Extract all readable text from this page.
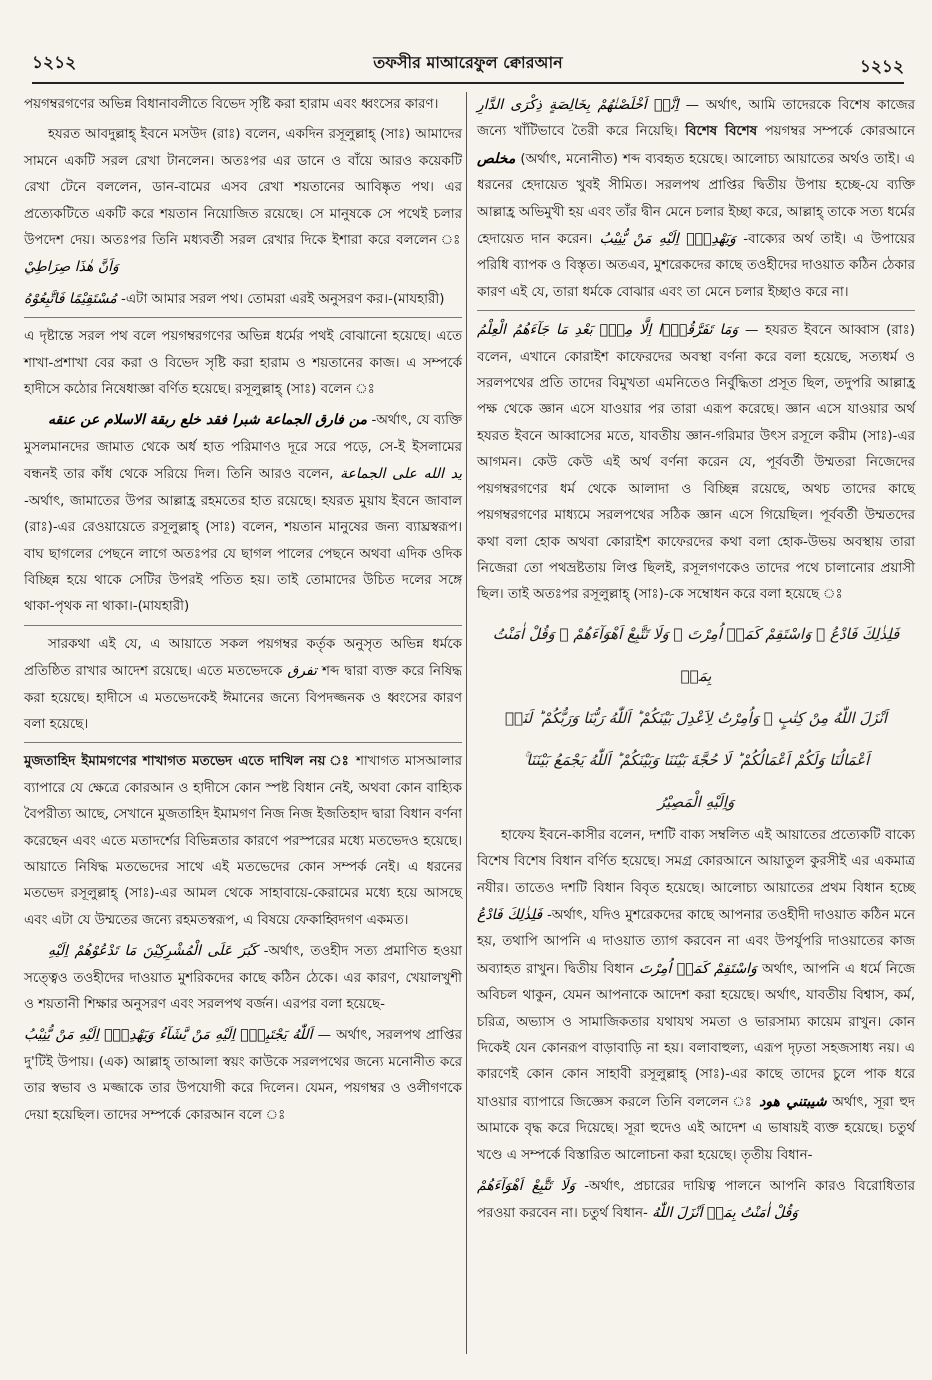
১২১২	তফসীর মাআরেফুল ক্বোরআন	১২১২

পয়গম্বরগণের অভিন্ন বিধানাবলীতে বিভেদ সৃষ্টি করা হারাম এবং ধ্বংসের কারণ।

হযরত আবদুল্লাহ্ ইবনে মসউদ (রাঃ) বলেন, একদিন রসূলুল্লাহ্ (সাঃ) আমাদের সামনে একটি সরল রেখা টানলেন। অতঃপর এর ডানে ও বাঁয়ে আরও কয়েকটি রেখা টেনে বললেন, ডান-বামের এসব রেখা শয়তানের আবিষ্কৃত পথ। এর প্রত্যেকটিতে একটি করে শয়তান নিয়োজিত রয়েছে। সে মানুষকে সে পথেই চলার উপদেশ দেয়। অতঃপর তিনি মধ্যবর্তী সরল রেখার দিকে ইশারা করে বললেন ঃ وَاَنَّ هٰذَا صِرَاطِيْ

مُسْتَقِيْمًا فَاتَّبِعُوْهُ -এটা আমার সরল পথ। তোমরা এরই অনুসরণ কর।-(মাযহারী)

এ দৃষ্টান্তে সরল পথ বলে পয়গম্বরগণের অভিন্ন ধর্মের পথই বোঝানো হয়েছে। এতে শাখা-প্রশাখা বের করা ও বিভেদ সৃষ্টি করা হারাম ও শয়তানের কাজ। এ সম্পর্কে হাদীসে কঠোর নিষেধাজ্ঞা বর্ণিত হয়েছে। রসূলুল্লাহ্ (সাঃ) বলেন ঃ

من فارق الجماعة شبرا فقد خلع ربقة الاسلام عن عنقه -অর্থাৎ, যে ব্যক্তি মুসলমানদের জামাত থেকে অর্ধ হাত পরিমাণও দূরে সরে পড়ে, সে-ই ইসলামের বন্ধনই তার কাঁধ থেকে সরিয়ে দিল। তিনি আরও বলেন, يد الله على الجماعة -অর্থাৎ, জামাতের উপর আল্লাহ্র রহমতের হাত রয়েছে। হযরত মুয়ায ইবনে জাবাল (রাঃ)-এর রেওয়ায়েতে রসূলুল্লাহ্ (সাঃ) বলেন, শয়তান মানুষের জন্য ব্যাঘ্রস্বরূপ। বাঘ ছাগলের পেছনে লাগে অতঃপর যে ছাগল পালের পেছনে অথবা এদিক ওদিক বিচ্ছিন্ন হয়ে থাকে সেটির উপরই পতিত হয়। তাই তোমাদের উচিত দলের সঙ্গে থাকা-পৃথক না থাকা।-(মাযহারী)

সারকথা এই যে, এ আয়াতে সকল পয়গম্বর কর্তৃক অনুসৃত অভিন্ন ধর্মকে প্রতিষ্ঠিত রাখার আদেশ রয়েছে। এতে মতভেদকে تفرق শব্দ দ্বারা ব্যক্ত করে নিষিদ্ধ করা হয়েছে। হাদীসে এ মতভেদকেই ঈমানের জন্যে বিপদজ্জনক ও ধ্বংসের কারণ বলা হয়েছে।

মুজতাহিদ ইমামগণের শাখাগত মতভেদ এতে দাখিল নয় ঃ শাখাগত মাসআলার ব্যাপারে যে ক্ষেত্রে কোরআন ও হাদীসে কোন স্পষ্ট বিধান নেই, অথবা কোন বাহ্যিক বৈপরীত্য আছে, সেখানে মুজতাহিদ ইমামগণ নিজ নিজ ইজতিহাদ দ্বারা বিধান বর্ণনা করেছেন এবং এতে মতাদর্শের বিভিন্নতার কারণে পরস্পরের মধ্যে মতভেদও হয়েছে। আয়াতে নিষিদ্ধ মতভেদের সাথে এই মতভেদের কোন সম্পর্ক নেই। এ ধরনের মতভেদ রসূলুল্লাহ্ (সাঃ)-এর আমল থেকে সাহাবায়ে-কেরামের মধ্যে হয়ে আসছে এবং এটা যে উম্মতের জন্যে রহমতস্বরূপ, এ বিষয়ে ফেকাহ্বিদগণ একমত।

كَبُرَ عَلَى الْمُشْرِكِيْنَ مَا تَدْعُوْهُمْ اِلَيْهِ -অর্থাৎ, তওহীদ সত্য প্রমাণিত হওয়া সত্ত্বেও তওহীদের দাওয়াত মুশরিকদের কাছে কঠিন ঠেকে। এর কারণ, খেয়ালখুশী ও শয়তানী শিক্ষার অনুসরণ এবং সরলপথ বর্জন। এরপর বলা হয়েছে-

اَللّٰهُ يَجْتَبِيْۤ اِلَيْهِ مَنْ يَّشَآءُ وَيَهْدِيْۤ اِلَيْهِ مَنْ يُّنِيْبُ — অর্থাৎ, সরলপথ প্রাপ্তির দু'টিই উপায়। (এক) আল্লাহ্ তাআলা স্বয়ং কাউকে সরলপথের জন্যে মনোনীত করে তার স্বভাব ও মজ্জাকে তার উপযোগী করে দিলেন। যেমন, পয়গম্বর ও ওলীগণকে দেয়া হয়েছিল। তাদের সম্পর্কে কোরআন বলে ঃ

اِنَّاۤ اَخْلَصْنٰهُمْ بِخَالِصَةٍ ذِكْرَى الدَّارِ — অর্থাৎ, আমি তাদেরকে বিশেষ কাজের জন্যে খাঁটিভাবে তৈরী করে নিয়েছি। বিশেষ বিশেষ পয়গম্বর সম্পর্কে কোরআনে مخلص (অর্থাৎ, মনোনীত) শব্দ ব্যবহৃত হয়েছে। আলোচ্য আয়াতের অর্থও তাই। এ ধরনের হেদায়েত খুবই সীমিত। সরলপথ প্রাপ্তির দ্বিতীয় উপায় হচ্ছে-যে ব্যক্তি আল্লাহ্র অভিমুখী হয় এবং তাঁর দ্বীন মেনে চলার ইচ্ছা করে, আল্লাহ্ তাকে সত্য ধর্মের হেদায়েত দান করেন। وَيَهْدِيْۤ اِلَيْهِ مَنْ يُّنِيْبُ -বাক্যের অর্থ তাই। এ উপায়ের পরিধি ব্যাপক ও বিস্তৃত। অতএব, মুশরেকদের কাছে তওহীদের দাওয়াত কঠিন ঠেকার কারণ এই যে, তারা ধর্মকে বোঝার এবং তা মেনে চলার ইচ্ছাও করে না।

وَمَا تَفَرَّقُوْۤا اِلَّا مِنْۢ بَعْدِ مَا جَآءَهُمُ الْعِلْمُ — হযরত ইবনে আব্বাস (রাঃ) বলেন, এখানে কোরাইশ কাফেরদের অবস্থা বর্ণনা করে বলা হয়েছে, সত্যধর্ম ও সরলপথের প্রতি তাদের বিমুখতা এমনিতেও নির্বুদ্ধিতা প্রসূত ছিল, তদুপরি আল্লাহ্র পক্ষ থেকে জ্ঞান এসে যাওয়ার পর তারা এরূপ করেছে। জ্ঞান এসে যাওয়ার অর্থ হযরত ইবনে আব্বাসের মতে, যাবতীয় জ্ঞান-গরিমার উৎস রসূলে করীম (সাঃ)-এর আগমন। কেউ কেউ এই অর্থ বর্ণনা করেন যে, পূর্ববর্তী উম্মতরা নিজেদের পয়গম্বরগণের ধর্ম থেকে আলাদা ও বিচ্ছিন্ন রয়েছে, অথচ তাদের কাছে পয়গম্বরগণের মাধ্যমে সরলপথের সঠিক জ্ঞান এসে গিয়েছিল। পূর্ববর্তী উম্মতদের কথা বলা হোক অথবা কোরাইশ কাফেরদের কথা বলা হোক-উভয় অবস্থায় তারা নিজেরা তো পথভ্রষ্টতায় লিপ্ত ছিলই, রসূলগণকেও তাদের পথে চালানোর প্রয়াসী ছিল। তাই অতঃপর রসূলুল্লাহ্ (সাঃ)-কে সম্বোধন করে বলা হয়েছে ঃ

فَلِذٰلِكَ فَادْعُ ۚ وَاسْتَقِمْ كَمَاۤ اُمِرْتَ ۚ وَلَا تَتَّبِعْ اَهْوَآءَهُمْ ۚ وَقُلْ اٰمَنْتُ بِمَاۤ
اَنْزَلَ اللّٰهُ مِنْ كِتٰبٍ ۚ وَاُمِرْتُ لِاَعْدِلَ بَيْنَكُمْ ؕ اَللّٰهُ رَبُّنَا وَرَبُّكُمْ ؕ لَنَاۤ
اَعْمَالُنَا وَلَكُمْ اَعْمَالُكُمْ ؕ لَا حُجَّةَ بَيْنَنَا وَبَيْنَكُمْ ؕ اَللّٰهُ يَجْمَعُ بَيْنَنَا ۚ
وَاِلَيْهِ الْمَصِيْرُ

হাফেয ইবনে-কাসীর বলেন, দশটি বাক্য সম্বলিত এই আয়াতের প্রত্যেকটি বাক্যে বিশেষ বিশেষ বিধান বর্ণিত হয়েছে। সমগ্র কোরআনে আয়াতুল কুরসীই এর একমাত্র নযীর। তাতেও দশটি বিধান বিবৃত হয়েছে। আলোচ্য আয়াতের প্রথম বিধান হচ্ছে فَلِذٰلِكَ فَادْعُ -অর্থাৎ, যদিও মুশরেকদের কাছে আপনার তওহীদী দাওয়াত কঠিন মনে হয়, তথাপি আপনি এ দাওয়াত ত্যাগ করবেন না এবং উপর্যুপরি দাওয়াতের কাজ অব্যাহত রাখুন। দ্বিতীয় বিধান وَاسْتَقِمْ كَمَاۤ اُمِرْتَ অর্থাৎ, আপনি এ ধর্মে নিজে অবিচল থাকুন, যেমন আপনাকে আদেশ করা হয়েছে। অর্থাৎ, যাবতীয় বিশ্বাস, কর্ম, চরিত্র, অভ্যাস ও সামাজিকতার যথাযথ সমতা ও ভারসাম্য কায়েম রাখুন। কোন দিকেই যেন কোনরূপ বাড়াবাড়ি না হয়। বলাবাহুল্য, এরূপ দৃঢ়তা সহজসাধ্য নয়। এ কারণেই কোন কোন সাহাবী রসূলুল্লাহ্ (সাঃ)-এর কাছে তাদের চুলে পাক ধরে যাওয়ার ব্যাপারে জিজ্ঞেস করলে তিনি বললেন ঃ شيبتني هود অর্থাৎ, সূরা হুদ আমাকে বৃদ্ধ করে দিয়েছে। সূরা হুদেও এই আদেশ এ ভাষায়ই ব্যক্ত হয়েছে। চতুর্থ খণ্ডে এ সম্পর্কে বিস্তারিত আলোচনা করা হয়েছে। তৃতীয় বিধান-

وَلَا تَتَّبِعْ اَهْوَآءَهُمْ -অর্থাৎ, প্রচারের দায়িত্ব পালনে আপনি কারও বিরোধিতার পরওয়া করবেন না। চতুর্থ বিধান- وَقُلْ اٰمَنْتُ بِمَاۤ اَنْزَلَ اللّٰهُ
